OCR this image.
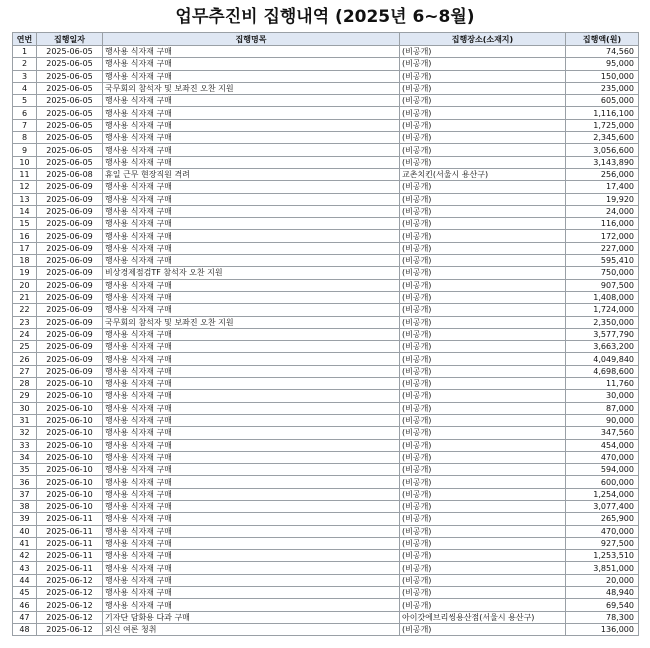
업무추진비 집행내역 (2025년 6~8월)
연번	집행일자	집행명목	집행장소(소재지)	집행액(원)
1	2025-06-05	행사용 식자재 구매	(비공개)	74,560
2	2025-06-05	행사용 식자재 구매	(비공개)	95,000
3	2025-06-05	행사용 식자재 구매	(비공개)	150,000
4	2025-06-05	국무회의 참석자 및 보좌진 오찬 지원	(비공개)	235,000
5	2025-06-05	행사용 식자재 구매	(비공개)	605,000
6	2025-06-05	행사용 식자재 구매	(비공개)	1,116,100
7	2025-06-05	행사용 식자재 구매	(비공개)	1,725,000
8	2025-06-05	행사용 식자재 구매	(비공개)	2,345,600
9	2025-06-05	행사용 식자재 구매	(비공개)	3,056,600
10	2025-06-05	행사용 식자재 구매	(비공개)	3,143,890
11	2025-06-08	휴일 근무 현장직원 격려	교촌치킨(서울시 용산구)	256,000
12	2025-06-09	행사용 식자재 구매	(비공개)	17,400
13	2025-06-09	행사용 식자재 구매	(비공개)	19,920
14	2025-06-09	행사용 식자재 구매	(비공개)	24,000
15	2025-06-09	행사용 식자재 구매	(비공개)	116,000
16	2025-06-09	행사용 식자재 구매	(비공개)	172,000
17	2025-06-09	행사용 식자재 구매	(비공개)	227,000
18	2025-06-09	행사용 식자재 구매	(비공개)	595,410
19	2025-06-09	비상경제점검TF 참석자 오찬 지원	(비공개)	750,000
20	2025-06-09	행사용 식자재 구매	(비공개)	907,500
21	2025-06-09	행사용 식자재 구매	(비공개)	1,408,000
22	2025-06-09	행사용 식자재 구매	(비공개)	1,724,000
23	2025-06-09	국무회의 참석자 및 보좌진 오찬 지원	(비공개)	2,350,000
24	2025-06-09	행사용 식자재 구매	(비공개)	3,577,790
25	2025-06-09	행사용 식자재 구매	(비공개)	3,663,200
26	2025-06-09	행사용 식자재 구매	(비공개)	4,049,840
27	2025-06-09	행사용 식자재 구매	(비공개)	4,698,600
28	2025-06-10	행사용 식자재 구매	(비공개)	11,760
29	2025-06-10	행사용 식자재 구매	(비공개)	30,000
30	2025-06-10	행사용 식자재 구매	(비공개)	87,000
31	2025-06-10	행사용 식자재 구매	(비공개)	90,000
32	2025-06-10	행사용 식자재 구매	(비공개)	347,560
33	2025-06-10	행사용 식자재 구매	(비공개)	454,000
34	2025-06-10	행사용 식자재 구매	(비공개)	470,000
35	2025-06-10	행사용 식자재 구매	(비공개)	594,000
36	2025-06-10	행사용 식자재 구매	(비공개)	600,000
37	2025-06-10	행사용 식자재 구매	(비공개)	1,254,000
38	2025-06-10	행사용 식자재 구매	(비공개)	3,077,400
39	2025-06-11	행사용 식자재 구매	(비공개)	265,900
40	2025-06-11	행사용 식자재 구매	(비공개)	470,000
41	2025-06-11	행사용 식자재 구매	(비공개)	927,500
42	2025-06-11	행사용 식자재 구매	(비공개)	1,253,510
43	2025-06-11	행사용 식자재 구매	(비공개)	3,851,000
44	2025-06-12	행사용 식자재 구매	(비공개)	20,000
45	2025-06-12	행사용 식자재 구매	(비공개)	48,940
46	2025-06-12	행사용 식자재 구매	(비공개)	69,540
47	2025-06-12	기자단 담화용 다과 구매	아이갓에브리씽용산점(서울시 용산구)	78,300
48	2025-06-12	외신 여론 청취	(비공개)	136,000
